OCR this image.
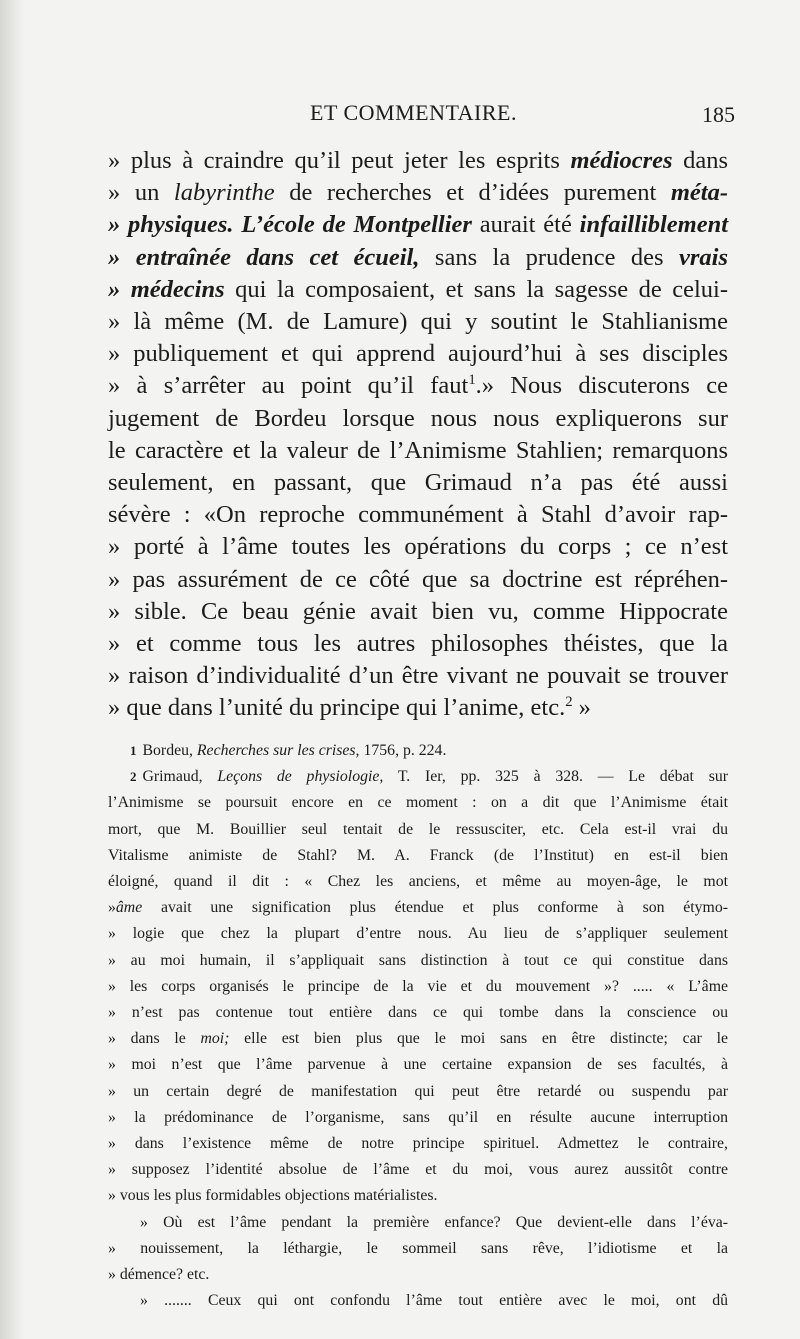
ET COMMENTAIRE.	185
» plus à craindre qu’il peut jeter les esprits médiocres dans
» un labyrinthe de recherches et d’idées purement méta-
» physiques. L’école de Montpellier aurait été infailliblement
» entraînée dans cet écueil, sans la prudence des vrais
» médecins qui la composaient, et sans la sagesse de celui-
» là même (M. de Lamure) qui y soutint le Stahlianisme
» publiquement et qui apprend aujourd’hui à ses disciples
» à s’arrêter au point qu’il faut$^1$.» Nous discuterons ce
jugement de Bordeu lorsque nous nous expliquerons sur
le caractère et la valeur de l’Animisme Stahlien; remarquons
seulement, en passant, que Grimaud n’a pas été aussi
sévère : «On reproche communément à Stahl d’avoir rap-
» porté à l’âme toutes les opérations du corps ; ce n’est
» pas assurément de ce côté que sa doctrine est répréhen-
» sible. Ce beau génie avait bien vu, comme Hippocrate
» et comme tous les autres philosophes théistes, que la
» raison d’individualité d’un être vivant ne pouvait se trouver
» que dans l’unité du principe qui l’anime, etc.$^2$ »
1 Bordeu, Recherches sur les crises, 1756, p. 224.
2 Grimaud, Leçons de physiologie, T. Ier, pp. 325 à 328. — Le débat sur
l’Animisme se poursuit encore en ce moment : on a dit que l’Animisme était
mort, que M. Bouillier seul tentait de le ressusciter, etc. Cela est-il vrai du
Vitalisme animiste de Stahl? M. A. Franck (de l’Institut) en est-il bien
éloigné, quand il dit : « Chez les anciens, et même au moyen-âge, le mot
»âme avait une signification plus étendue et plus conforme à son étymo-
» logie que chez la plupart d’entre nous. Au lieu de s’appliquer seulement
» au moi humain, il s’appliquait sans distinction à tout ce qui constitue dans
» les corps organisés le principe de la vie et du mouvement »? ..... « L’âme
» n’est pas contenue tout entière dans ce qui tombe dans la conscience ou
» dans le moi; elle est bien plus que le moi sans en être distincte; car le
» moi n’est que l’âme parvenue à une certaine expansion de ses facultés, à
» un certain degré de manifestation qui peut être retardé ou suspendu par
» la prédominance de l’organisme, sans qu’il en résulte aucune interruption
» dans l’existence même de notre principe spirituel. Admettez le contraire,
» supposez l’identité absolue de l’âme et du moi, vous aurez aussitôt contre
» vous les plus formidables objections matérialistes.
» Où est l’âme pendant la première enfance? Que devient-elle dans l’éva-
» nouissement, la léthargie, le sommeil sans rêve, l’idiotisme et la
» démence? etc.
» ....... Ceux qui ont confondu l’âme tout entière avec le moi, ont dû
